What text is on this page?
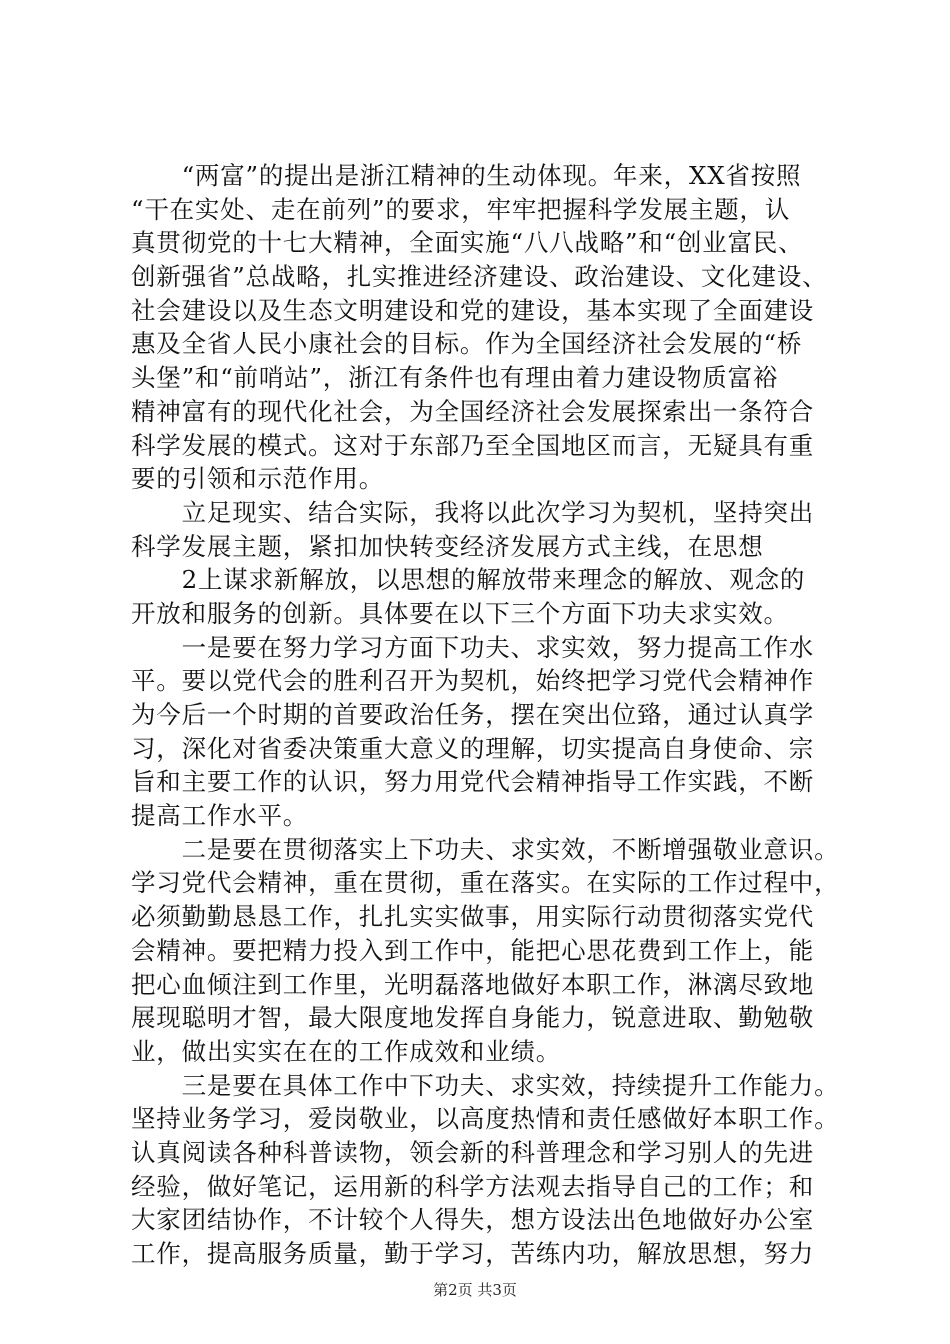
　　“两富”的提出是浙江精神的生动体现。年来，XX省按照
“干在实处、走在前列”的要求，牢牢把握科学发展主题，认
真贯彻党的十七大精神，全面实施“八八战略”和“创业富民、
创新强省”总战略，扎实推进经济建设、政治建设、文化建设、
社会建设以及生态文明建设和党的建设，基本实现了全面建设
惠及全省人民小康社会的目标。作为全国经济社会发展的“桥
头堡”和“前哨站”，浙江有条件也有理由着力建设物质富裕
精神富有的现代化社会，为全国经济社会发展探索出一条符合
科学发展的模式。这对于东部乃至全国地区而言，无疑具有重
要的引领和示范作用。
　　立足现实、结合实际，我将以此次学习为契机，坚持突出
科学发展主题，紧扣加快转变经济发展方式主线，在思想
　　2上谋求新解放，以思想的解放带来理念的解放、观念的
开放和服务的创新。具体要在以下三个方面下功夫求实效。
　　一是要在努力学习方面下功夫、求实效，努力提高工作水
平。要以党代会的胜利召开为契机，始终把学习党代会精神作
为今后一个时期的首要政治任务，摆在突出位臵，通过认真学
习，深化对省委决策重大意义的理解，切实提高自身使命、宗
旨和主要工作的认识，努力用党代会精神指导工作实践，不断
提高工作水平。
　　二是要在贯彻落实上下功夫、求实效，不断增强敬业意识。
学习党代会精神，重在贯彻，重在落实。在实际的工作过程中，
必须勤勤恳恳工作，扎扎实实做事，用实际行动贯彻落实党代
会精神。要把精力投入到工作中，能把心思花费到工作上，能
把心血倾注到工作里，光明磊落地做好本职工作，淋漓尽致地
展现聪明才智，最大限度地发挥自身能力，锐意进取、勤勉敬
业，做出实实在在的工作成效和业绩。
　　三是要在具体工作中下功夫、求实效，持续提升工作能力。
坚持业务学习，爱岗敬业，以高度热情和责任感做好本职工作。
认真阅读各种科普读物，领会新的科普理念和学习别人的先进
经验，做好笔记，运用新的科学方法观去指导自己的工作；和
大家团结协作，不计较个人得失，想方设法出色地做好办公室
工作，提高服务质量，勤于学习，苦练内功，解放思想，努力
第2页 共3页
